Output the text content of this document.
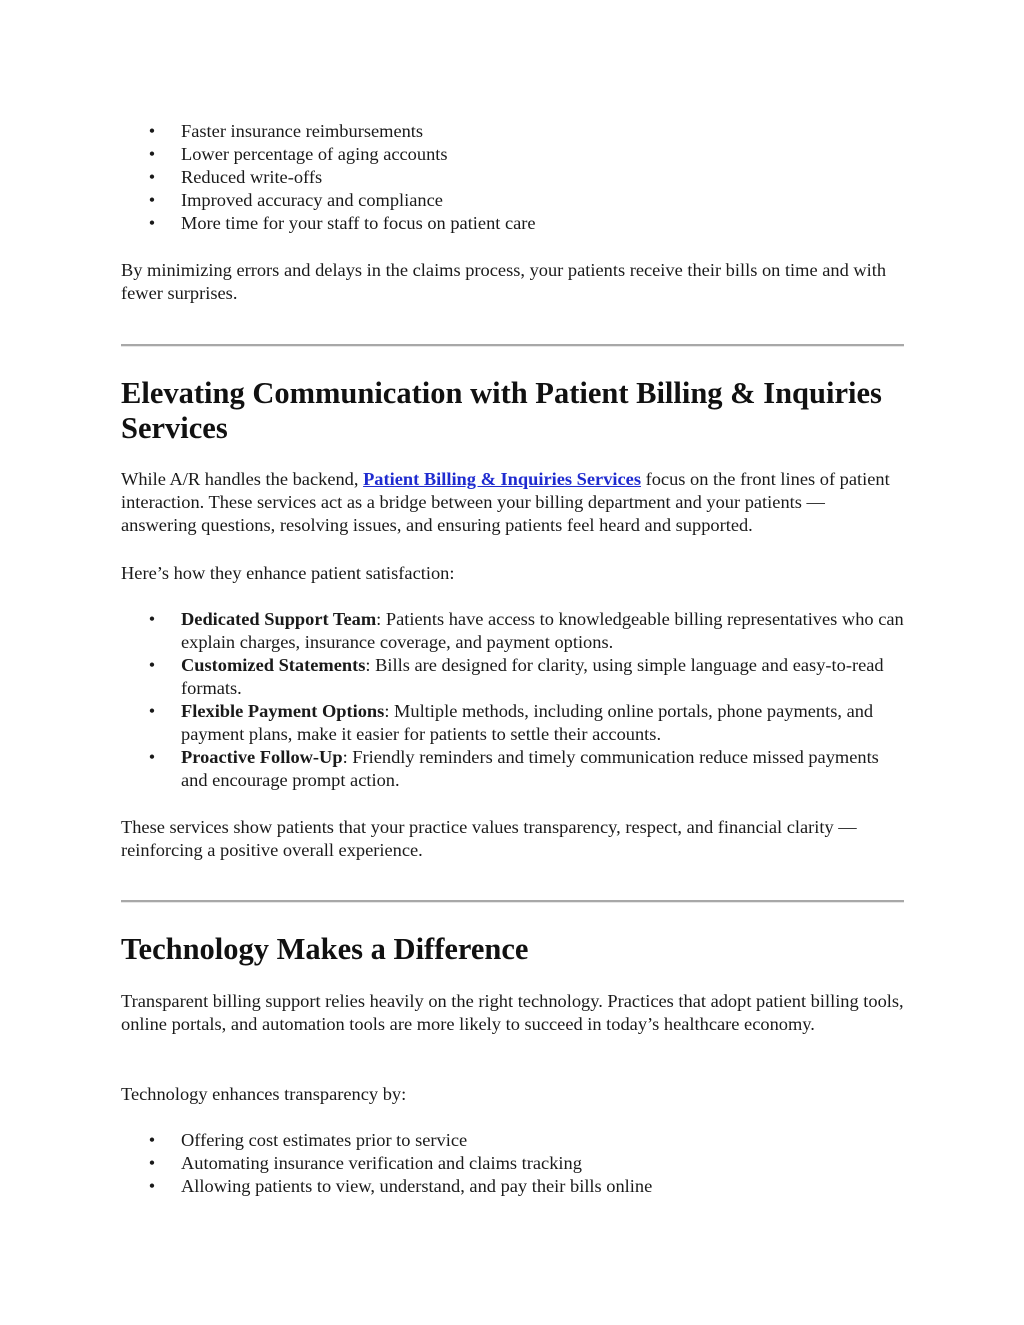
• Faster insurance reimbursements
• Lower percentage of aging accounts
• Reduced write-offs
• Improved accuracy and compliance
• More time for your staff to focus on patient care

By minimizing errors and delays in the claims process, your patients receive their bills on time and with fewer surprises.

Elevating Communication with Patient Billing & Inquiries Services

While A/R handles the backend, Patient Billing & Inquiries Services focus on the front lines of patient interaction. These services act as a bridge between your billing department and your patients — answering questions, resolving issues, and ensuring patients feel heard and supported.

Here’s how they enhance patient satisfaction:

• Dedicated Support Team: Patients have access to knowledgeable billing representatives who can explain charges, insurance coverage, and payment options.
• Customized Statements: Bills are designed for clarity, using simple language and easy-to-read formats.
• Flexible Payment Options: Multiple methods, including online portals, phone payments, and payment plans, make it easier for patients to settle their accounts.
• Proactive Follow-Up: Friendly reminders and timely communication reduce missed payments and encourage prompt action.

These services show patients that your practice values transparency, respect, and financial clarity — reinforcing a positive overall experience.

Technology Makes a Difference

Transparent billing support relies heavily on the right technology. Practices that adopt patient billing tools, online portals, and automation tools are more likely to succeed in today’s healthcare economy.

Technology enhances transparency by:

• Offering cost estimates prior to service
• Automating insurance verification and claims tracking
• Allowing patients to view, understand, and pay their bills online
